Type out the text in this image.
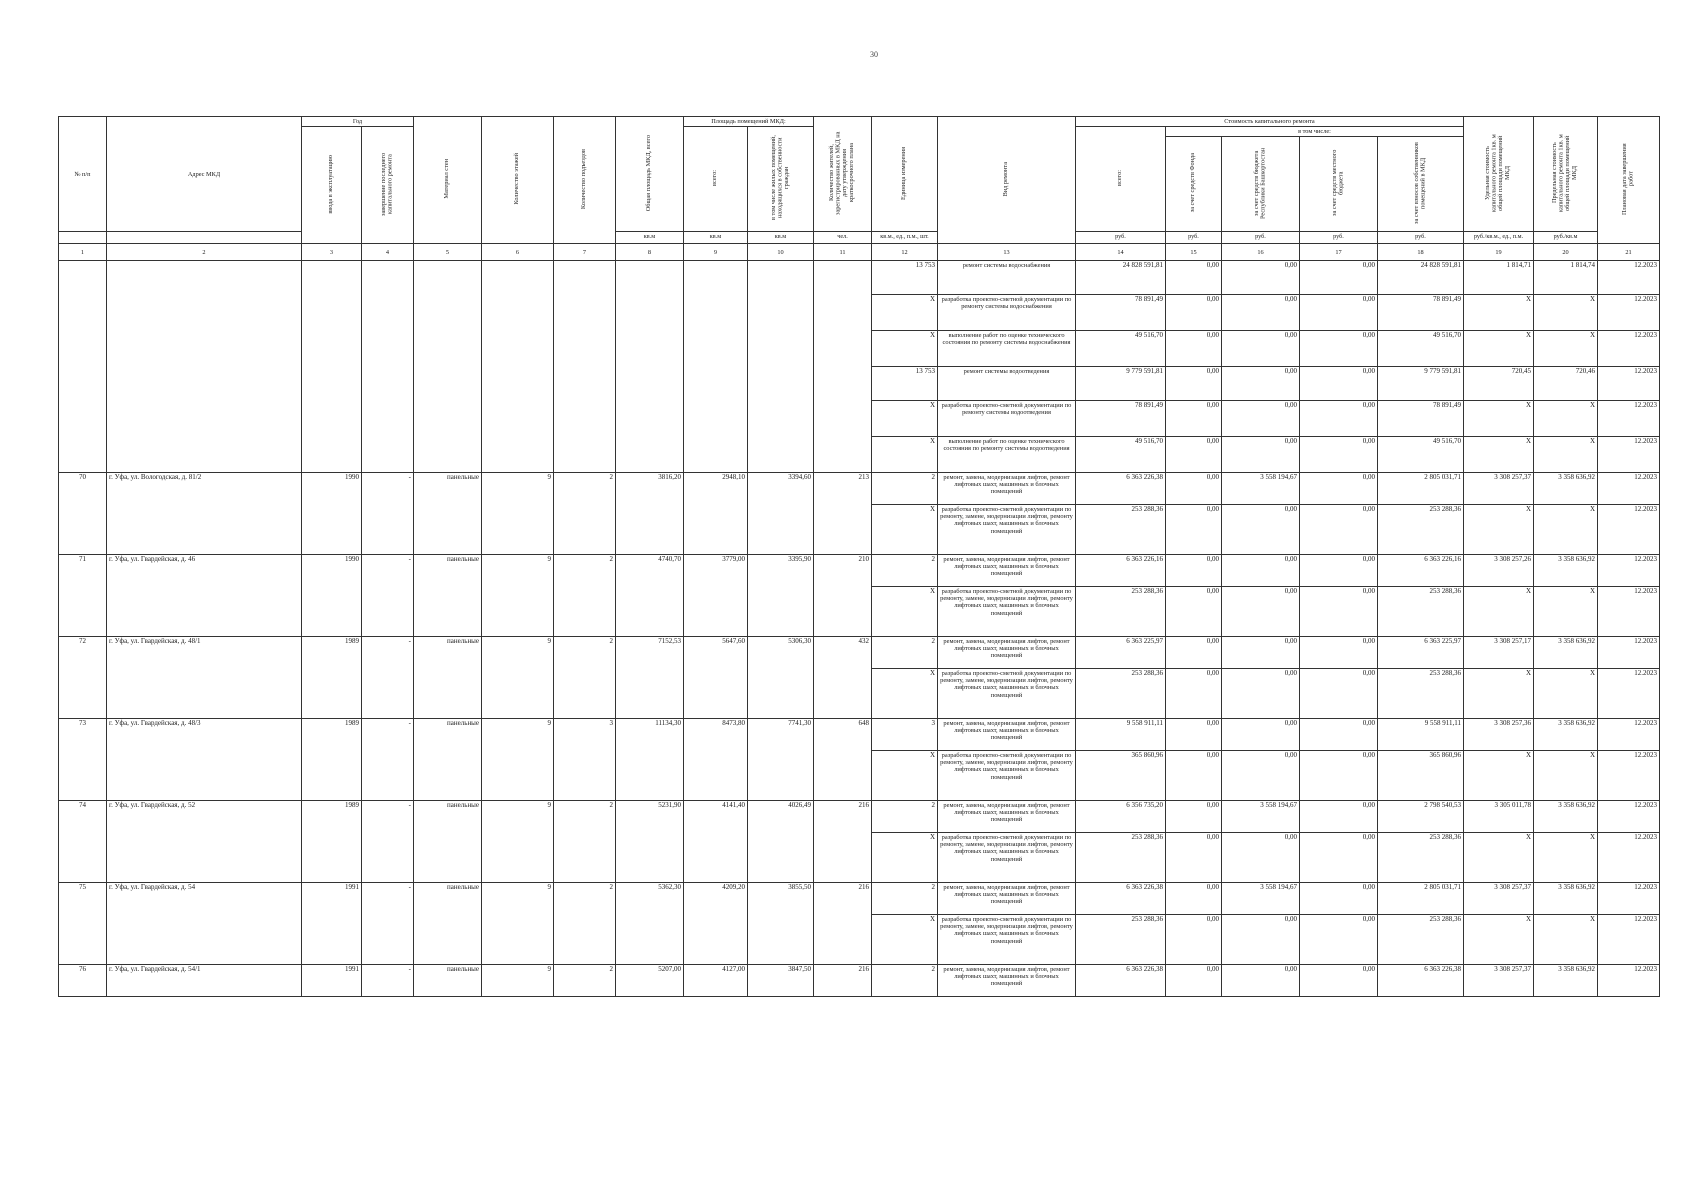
30
№ п/п	Адрес МКД	Год		Материал стен	Количество этажей	Количество подъездов	Общая площадь МКД, всего	Площадь помещений МКД:		Количество жителей, зарегистрированных в МКД на дату утверждения краткосрочного плана	Единица измерения	Вид ремонта	Стоимость капитального ремонта					Удельная стоимость капитального ремонта 1кв. м общей площади помещений МКД	Предельная стоимость капитального ремонта 1кв. м общей площади помещений МКД	Плановая дата завершения работ
		ввода в эксплуатацию	завершение последнего капитального ремонта					всего:	в том числе жилых помещений, находящихся в собственности граждан				всего:	в том числе:						
														за счет средств Фонда	за счет средств бюджета Республики Башкортостан	за счет средств местного бюджета	за счет взносов собственников помещений в МКД			
							кв.м	кв.м	кв.м	чел.	кв.м., ед., п.м., шт.		руб.	руб.	руб.	руб.	руб.	руб./кв.м., ед., п.м.	руб./кв.м	
1	2	3	4	5	6	7	8	9	10	11	12	13	14	15	16	17	18	19	20	21
											13 753	ремонт системы водоснабжения	24 828 591,81	0,00	0,00	0,00	24 828 591,81	1 814,71	1 814,74	12.2023
											X	разработка проектно-сметной документации по ремонту системы водоснабжения	78 891,49	0,00	0,00	0,00	78 891,49	X	X	12.2023
											X	выполнение работ по оценке технического состояния по ремонту системы водоснабжения	49 516,70	0,00	0,00	0,00	49 516,70	X	X	12.2023
											13 753	ремонт системы водоотведения	9 779 591,81	0,00	0,00	0,00	9 779 591,81	720,45	720,46	12.2023
											X	разработка проектно-сметной документации по ремонту системы водоотведения	78 891,49	0,00	0,00	0,00	78 891,49	X	X	12.2023
											X	выполнение работ по оценке технического состояния по ремонту системы водоотведения	49 516,70	0,00	0,00	0,00	49 516,70	X	X	12.2023
70	г. Уфа, ул. Вологодская, д. 81/2	1990	-	панельные	9	2	3816,20	2948,10	3394,60	213	2	ремонт, замена, модернизация лифтов, ремонт лифтовых шахт, машинных и блочных помещений	6 363 226,38	0,00	3 558 194,67	0,00	2 805 031,71	3 308 257,37	3 358 636,92	12.2023
											X	разработка проектно-сметной документации по ремонту, замене, модернизации лифтов, ремонту лифтовых шахт, машинных и блочных помещений	253 288,36	0,00	0,00	0,00	253 288,36	X	X	12.2023
71	г. Уфа, ул. Гвардейская, д. 46	1990	-	панельные	9	2	4740,70	3779,00	3395,90	210	2	ремонт, замена, модернизация лифтов, ремонт лифтовых шахт, машинных и блочных помещений	6 363 226,16	0,00	0,00	0,00	6 363 226,16	3 308 257,26	3 358 636,92	12.2023
											X	разработка проектно-сметной документации по ремонту, замене, модернизации лифтов, ремонту лифтовых шахт, машинных и блочных помещений	253 288,36	0,00	0,00	0,00	253 288,36	X	X	12.2023
72	г. Уфа, ул. Гвардейская, д. 48/1	1989	-	панельные	9	2	7152,53	5647,60	5306,30	432	2	ремонт, замена, модернизация лифтов, ремонт лифтовых шахт, машинных и блочных помещений	6 363 225,97	0,00	0,00	0,00	6 363 225,97	3 308 257,17	3 358 636,92	12.2023
											X	разработка проектно-сметной документации по ремонту, замене, модернизации лифтов, ремонту лифтовых шахт, машинных и блочных помещений	253 288,36	0,00	0,00	0,00	253 288,36	X	X	12.2023
73	г. Уфа, ул. Гвардейская, д. 48/3	1989	-	панельные	9	3	11134,30	8473,80	7741,30	648	3	ремонт, замена, модернизация лифтов, ремонт лифтовых шахт, машинных и блочных помещений	9 558 911,11	0,00	0,00	0,00	9 558 911,11	3 308 257,36	3 358 636,92	12.2023
											X	разработка проектно-сметной документации по ремонту, замене, модернизации лифтов, ремонту лифтовых шахт, машинных и блочных помещений	365 860,96	0,00	0,00	0,00	365 860,96	X	X	12.2023
74	г. Уфа, ул. Гвардейская, д. 52	1989	-	панельные	9	2	5231,90	4141,40	4026,49	216	2	ремонт, замена, модернизация лифтов, ремонт лифтовых шахт, машинных и блочных помещений	6 356 735,20	0,00	3 558 194,67	0,00	2 798 540,53	3 305 011,78	3 358 636,92	12.2023
											X	разработка проектно-сметной документации по ремонту, замене, модернизации лифтов, ремонту лифтовых шахт, машинных и блочных помещений	253 288,36	0,00	0,00	0,00	253 288,36	X	X	12.2023
75	г. Уфа, ул. Гвардейская, д. 54	1991	-	панельные	9	2	5362,30	4209,20	3855,50	216	2	ремонт, замена, модернизация лифтов, ремонт лифтовых шахт, машинных и блочных помещений	6 363 226,38	0,00	3 558 194,67	0,00	2 805 031,71	3 308 257,37	3 358 636,92	12.2023
											X	разработка проектно-сметной документации по ремонту, замене, модернизации лифтов, ремонту лифтовых шахт, машинных и блочных помещений	253 288,36	0,00	0,00	0,00	253 288,36	X	X	12.2023
76	г. Уфа, ул. Гвардейская, д. 54/1	1991	-	панельные	9	2	5207,00	4127,00	3847,50	216	2	ремонт, замена, модернизация лифтов, ремонт лифтовых шахт, машинных и блочных помещений	6 363 226,38	0,00	0,00	0,00	6 363 226,38	3 308 257,37	3 358 636,92	12.2023
